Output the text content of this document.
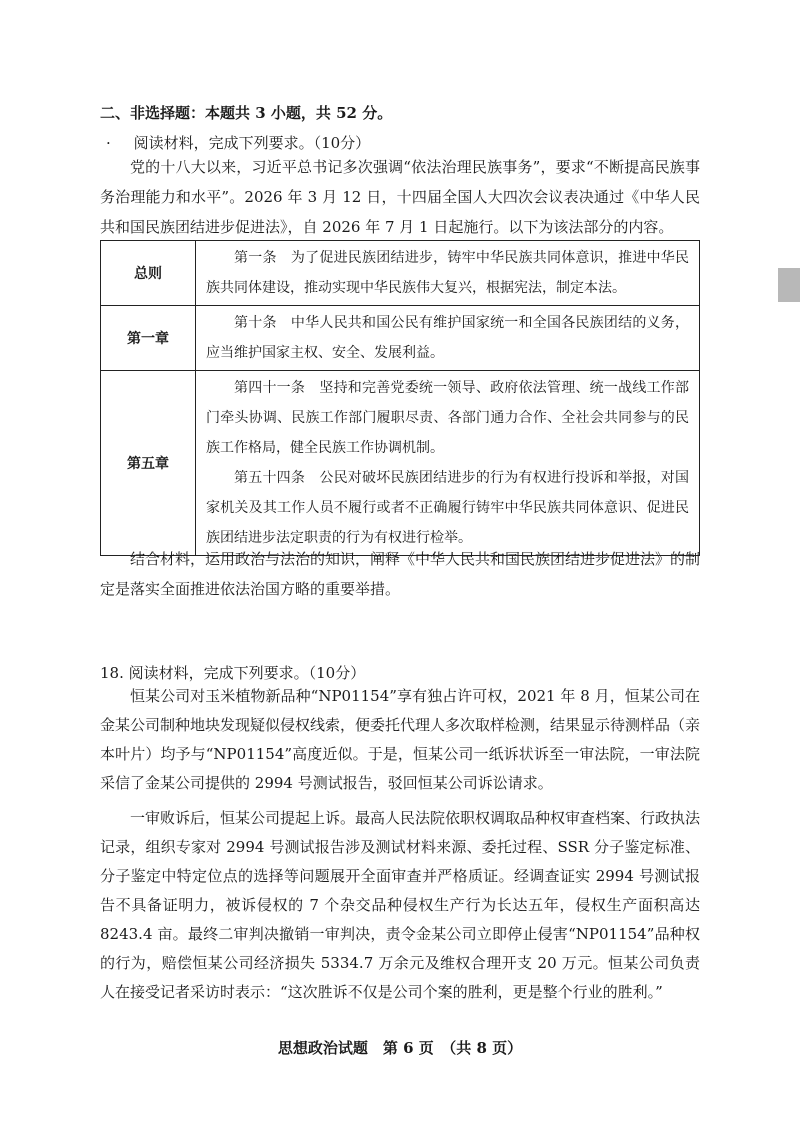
二、非选择题：本题共 3 小题，共 52 分。
· 阅读材料，完成下列要求。（10分）
党的十八大以来，习近平总书记多次强调“依法治理民族事务”，要求“不断提高民族事务治理能力和水平”。2026 年 3 月 12 日，十四届全国人大四次会议表决通过《中华人民共和国民族团结进步促进法》，自 2026 年 7 月 1 日起施行。以下为该法部分的内容。
总则	第一条　为了促进民族团结进步，铸牢中华民族共同体意识，推进中华民族共同体建设，推动实现中华民族伟大复兴，根据宪法，制定本法。

第一章	第十条　中华人民共和国公民有维护国家统一和全国各民族团结的义务，应当维护国家主权、安全、发展利益。

第五章	第四十一条　坚持和完善党委统一领导、政府依法管理、统一战线工作部门牵头协调、民族工作部门履职尽责、各部门通力合作、全社会共同参与的民族工作格局，健全民族工作协调机制。

第五十四条　公民对破坏民族团结进步的行为有权进行投诉和举报，对国家机关及其工作人员不履行或者不正确履行铸牢中华民族共同体意识、促进民族团结进步法定职责的行为有权进行检举。

结合材料，运用政治与法治的知识，阐释《中华人民共和国民族团结进步促进法》的制定是落实全面推进依法治国方略的重要举措。
18. 阅读材料，完成下列要求。（10分）
恒某公司对玉米植物新品种“NP01154”享有独占许可权，2021 年 8 月，恒某公司在金某公司制种地块发现疑似侵权线索，便委托代理人多次取样检测，结果显示待测样品（亲本叶片）均予与“NP01154”高度近似。于是，恒某公司一纸诉状诉至一审法院，一审法院采信了金某公司提供的 2994 号测试报告，驳回恒某公司诉讼请求。
一审败诉后，恒某公司提起上诉。最高人民法院依职权调取品种权审查档案、行政执法记录，组织专家对 2994 号测试报告涉及测试材料来源、委托过程、SSR 分子鉴定标准、分子鉴定中特定位点的选择等问题展开全面审查并严格质证。经调查证实 2994 号测试报告不具备证明力，被诉侵权的 7 个杂交品种侵权生产行为长达五年，侵权生产面积高达 8243.4 亩。最终二审判决撤销一审判决，责令金某公司立即停止侵害“NP01154”品种权的行为，赔偿恒某公司经济损失 5334.7 万余元及维权合理开支 20 万元。恒某公司负责人在接受记者采访时表示：“这次胜诉不仅是公司个案的胜利，更是整个行业的胜利。”
思想政治试题　第 6 页　（共 8 页）
